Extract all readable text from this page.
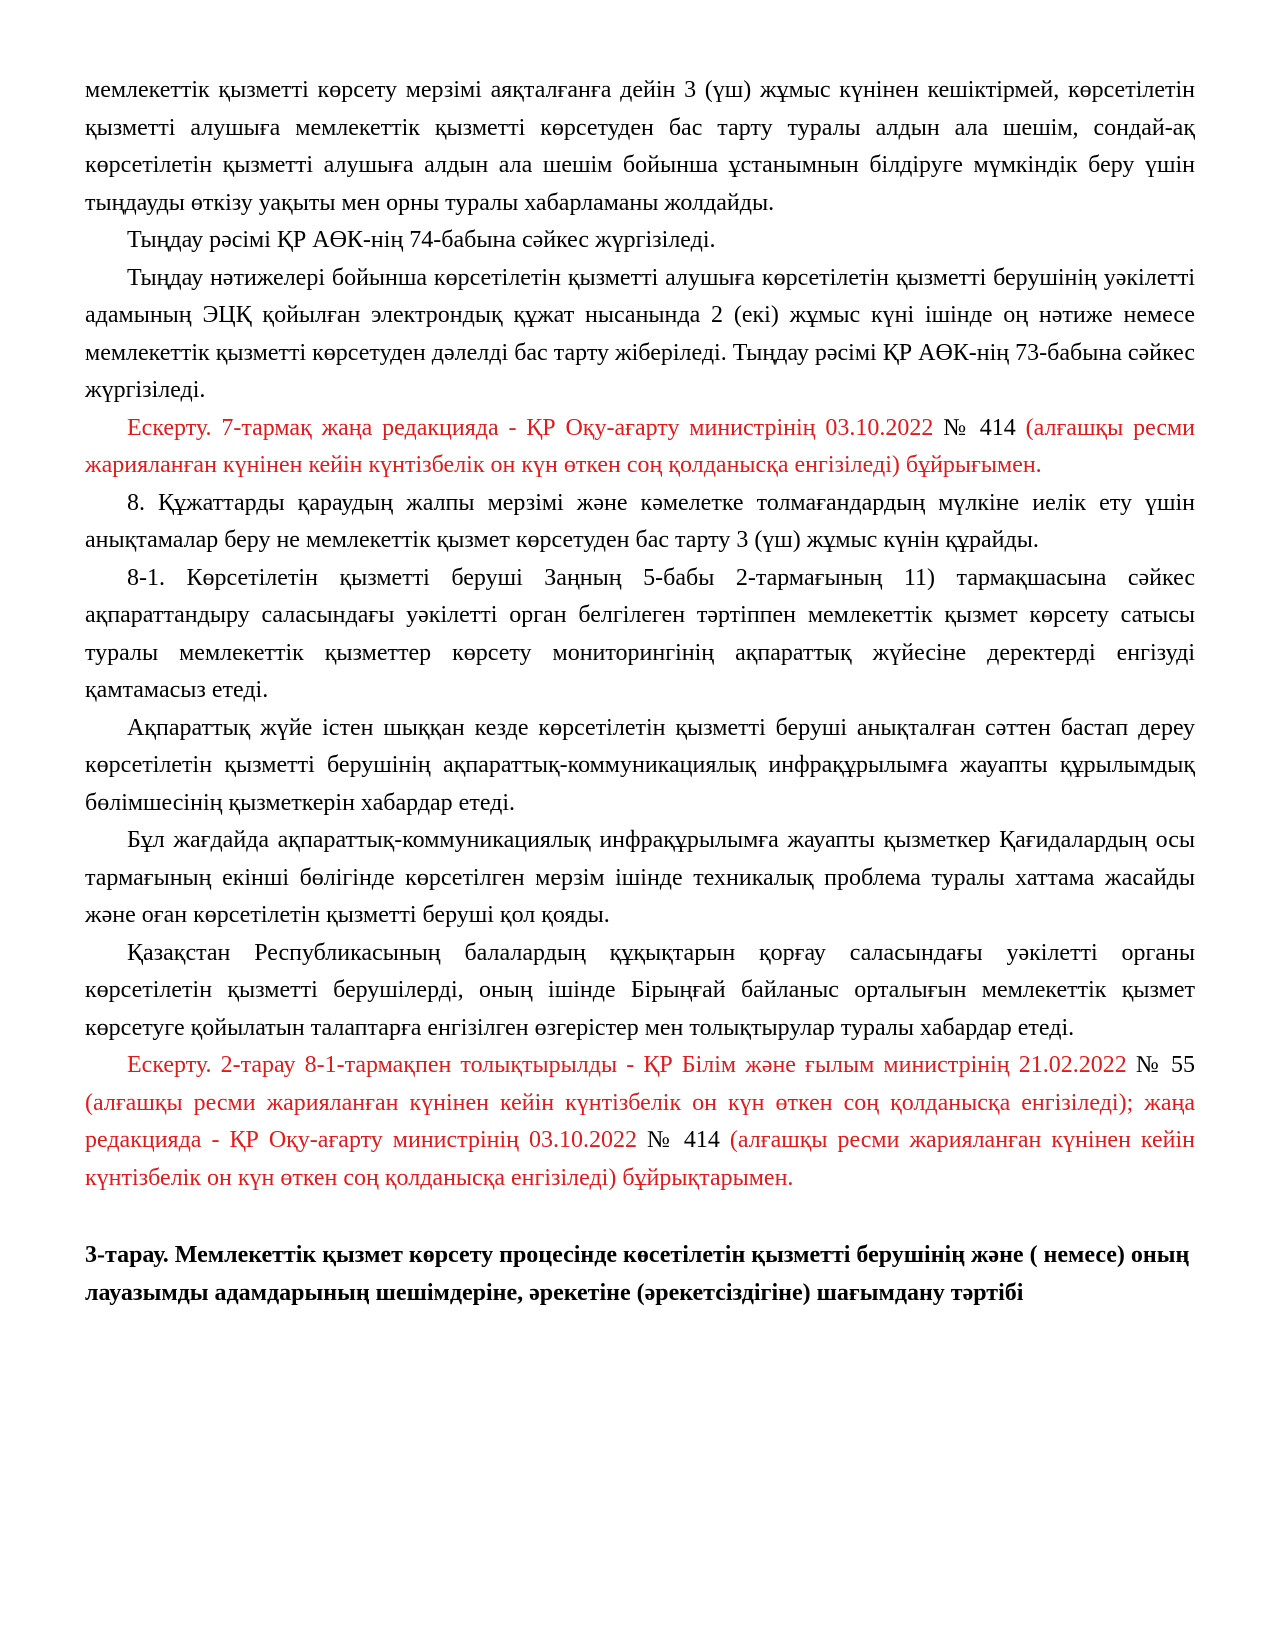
мемлекеттік қызметті көрсету мерзімі аяқталғанға дейін 3 (үш) жұмыс күнінен кешіктірмей, көрсетілетін қызметті алушыға мемлекеттік қызметті көрсетуден бас тарту туралы алдын ала шешім, сондай-ақ көрсетілетін қызметті алушыға алдын ала шешім бойынша ұстанымнын білдіруге мүмкіндік беру үшін тыңдауды өткізу уақыты мен орны туралы хабарламаны жолдайды.

Тыңдау рәсімі ҚР АӨК-нің 74-бабына сәйкес жүргізіледі.

Тыңдау нәтижелері бойынша көрсетілетін қызметті алушыға көрсетілетін қызметті берушінің уәкілетті адамының ЭЦҚ қойылған электрондық құжат нысанында 2 (екі) жұмыс күні ішінде оң нәтиже немесе мемлекеттік қызметті көрсетуден дәлелді бас тарту жіберіледі. Тыңдау рәсімі ҚР АӨК-нің 73-бабына сәйкес жүргізіледі.

Ескерту. 7-тармақ жаңа редакцияда - ҚР Оқу-ағарту министрінің 03.10.2022 № 414 (алғашқы ресми жарияланған күнінен кейін күнтізбелік он күн өткен соң қолданысқа енгізіледі) бұйрығымен.

8. Құжаттарды қараудың жалпы мерзімі және кәмелетке толмағандардың мүлкіне иелік ету үшін анықтамалар беру не мемлекеттік қызмет көрсетуден бас тарту 3 (үш) жұмыс күнін құрайды.

8-1. Көрсетілетін қызметті беруші Заңның 5-бабы 2-тармағының 11) тармақшасына сәйкес ақпараттандыру саласындағы уәкілетті орган белгілеген тәртіппен мемлекеттік қызмет көрсету сатысы туралы мемлекеттік қызметтер көрсету мониторингінің ақпараттық жүйесіне деректерді енгізуді қамтамасыз етеді.

Ақпараттық жүйе істен шыққан кезде көрсетілетін қызметті беруші анықталған сәттен бастап дереу көрсетілетін қызметті берушінің ақпараттық-коммуникациялық инфрақұрылымға жауапты құрылымдық бөлімшесінің қызметкерін хабардар етеді.

Бұл жағдайда ақпараттық-коммуникациялық инфрақұрылымға жауапты қызметкер Қағидалардың осы тармағының екінші бөлігінде көрсетілген мерзім ішінде техникалық проблема туралы хаттама жасайды және оған көрсетілетін қызметті беруші қол қояды.

Қазақстан Республикасының балалардың құқықтарын қорғау саласындағы уәкілетті органы көрсетілетін қызметті берушілерді, оның ішінде Бірыңғай байланыс орталығын мемлекеттік қызмет көрсетуге қойылатын талаптарға енгізілген өзгерістер мен толықтырулар туралы хабардар етеді.

Ескерту. 2-тарау 8-1-тармақпен толықтырылды - ҚР Білім және ғылым министрінің 21.02.2022 № 55 (алғашқы ресми жарияланған күнінен кейін күнтізбелік он күн өткен соң қолданысқа енгізіледі); жаңа редакцияда - ҚР Оқу-ағарту министрінің 03.10.2022 № 414 (алғашқы ресми жарияланған күнінен кейін күнтізбелік он күн өткен соң қолданысқа енгізіледі) бұйрықтарымен.

3-тарау. Мемлекеттік қызмет көрсету процесінде көсетілетін қызметті берушінің және ( немесе) оның лауазымды адамдарының шешімдеріне, әрекетіне (әрекетсіздігіне) шағымдану тәртібі
